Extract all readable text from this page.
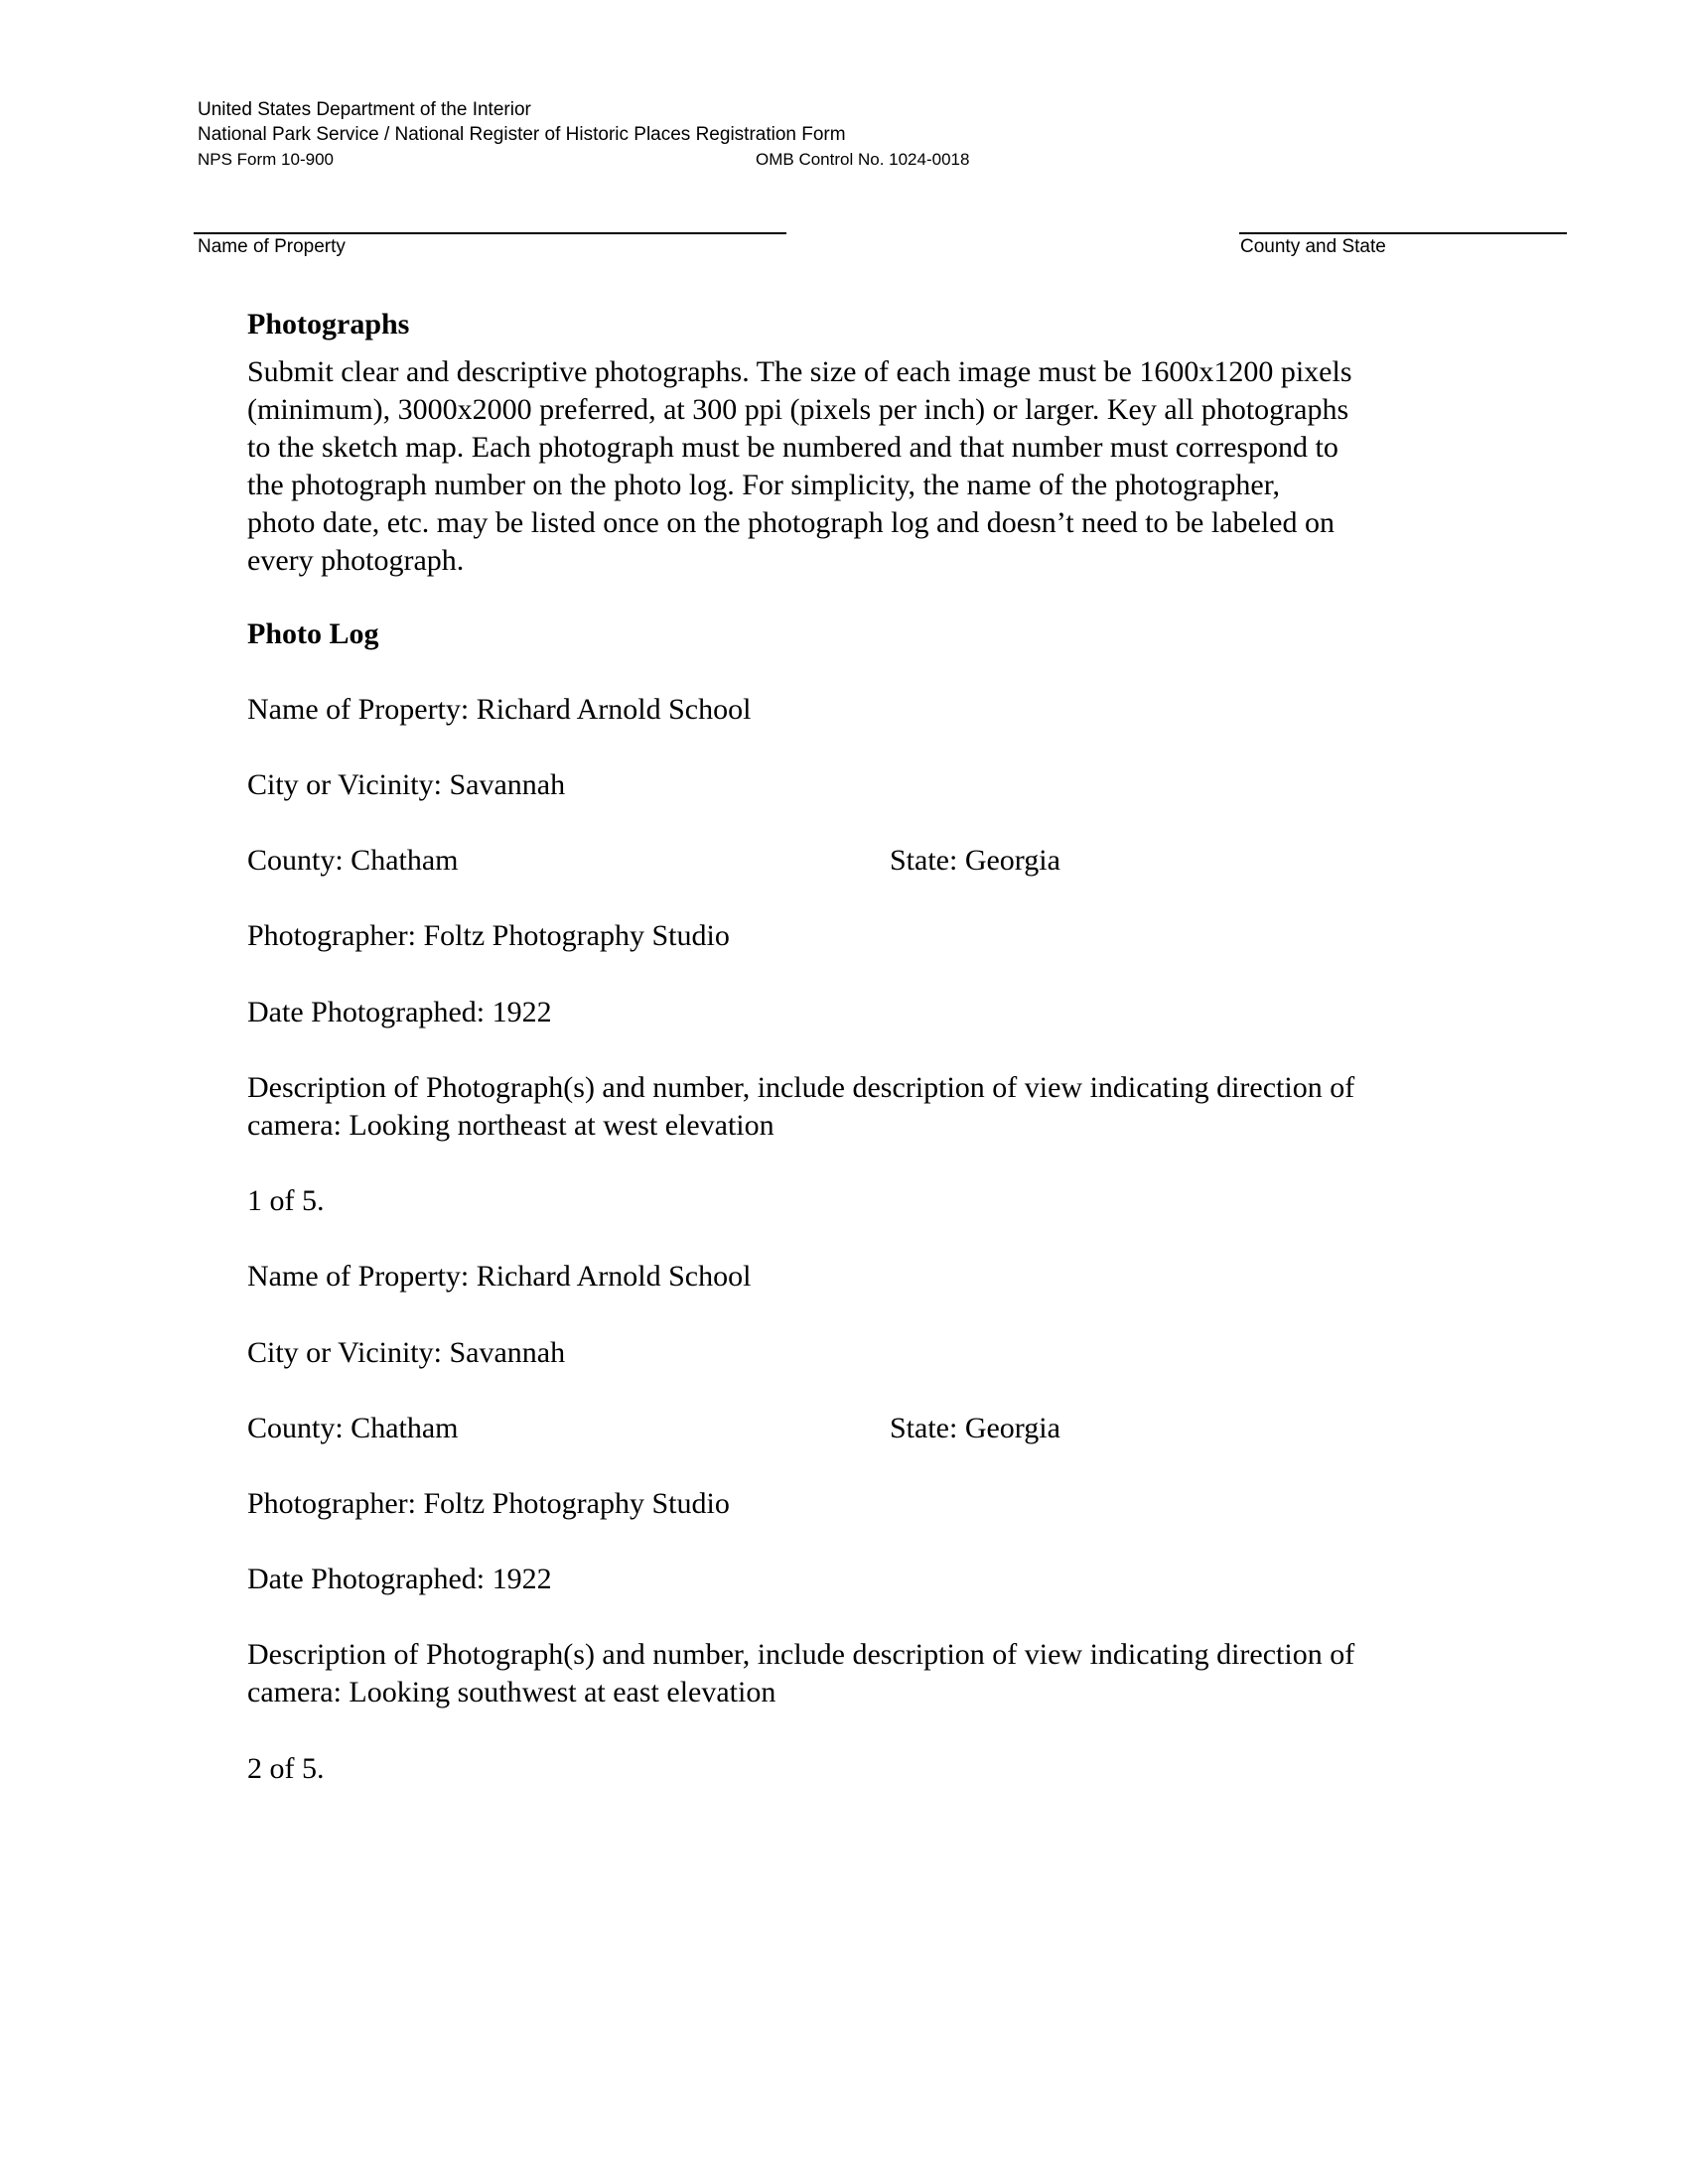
United States Department of the Interior
National Park Service / National Register of Historic Places Registration Form
NPS Form 10-900	OMB Control No. 1024-0018
Name of Property	County and State
Photographs
Submit clear and descriptive photographs. The size of each image must be 1600x1200 pixels
(minimum), 3000x2000 preferred, at 300 ppi (pixels per inch) or larger. Key all photographs
to the sketch map. Each photograph must be numbered and that number must correspond to
the photograph number on the photo log. For simplicity, the name of the photographer,
photo date, etc. may be listed once on the photograph log and doesn’t need to be labeled on
every photograph.
Photo Log
Name of Property: Richard Arnold School
City or Vicinity: Savannah
County: Chatham	State: Georgia
Photographer: Foltz Photography Studio
Date Photographed: 1922
Description of Photograph(s) and number, include description of view indicating direction of
camera: Looking northeast at west elevation
1 of 5.
Name of Property: Richard Arnold School
City or Vicinity: Savannah
County: Chatham	State: Georgia
Photographer: Foltz Photography Studio
Date Photographed: 1922
Description of Photograph(s) and number, include description of view indicating direction of
camera: Looking southwest at east elevation
2 of 5.
